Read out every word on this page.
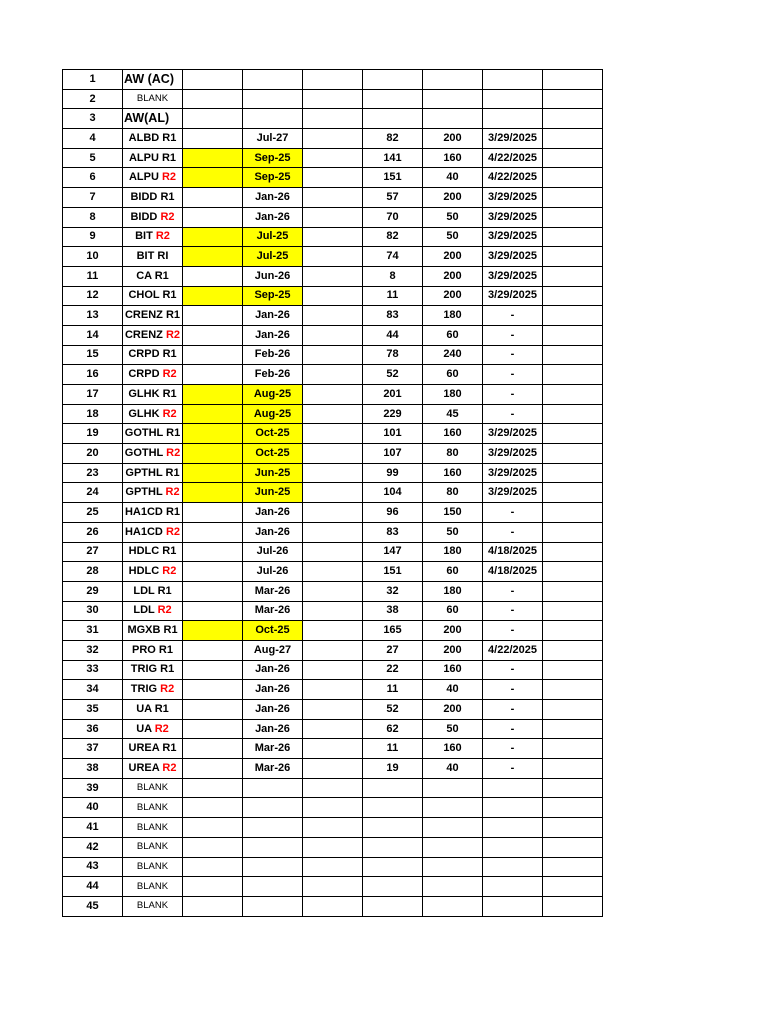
1	AW (AC)							
2	BLANK							
3	AW(AL)							
4	ALBD R1		Jul-27		82	200	3/29/2025	
5	ALPU R1		Sep-25		141	160	4/22/2025	
6	ALPU R2		Sep-25		151	40	4/22/2025	
7	BIDD R1		Jan-26		57	200	3/29/2025	
8	BIDD R2		Jan-26		70	50	3/29/2025	
9	BIT R2		Jul-25		82	50	3/29/2025	
10	BIT RI		Jul-25		74	200	3/29/2025	
11	CA R1		Jun-26		8	200	3/29/2025	
12	CHOL R1		Sep-25		11	200	3/29/2025	
13	CRENZ R1		Jan-26		83	180	-	
14	CRENZ R2		Jan-26		44	60	-	
15	CRPD R1		Feb-26		78	240	-	
16	CRPD R2		Feb-26		52	60	-	
17	GLHK R1		Aug-25		201	180	-	
18	GLHK R2		Aug-25		229	45	-	
19	GOTHL R1		Oct-25		101	160	3/29/2025	
20	GOTHL R2		Oct-25		107	80	3/29/2025	
23	GPTHL R1		Jun-25		99	160	3/29/2025	
24	GPTHL R2		Jun-25		104	80	3/29/2025	
25	HA1CD R1		Jan-26		96	150	-	
26	HA1CD R2		Jan-26		83	50	-	
27	HDLC R1		Jul-26		147	180	4/18/2025	
28	HDLC R2		Jul-26		151	60	4/18/2025	
29	LDL R1		Mar-26		32	180	-	
30	LDL R2		Mar-26		38	60	-	
31	MGXB R1		Oct-25		165	200	-	
32	PRO R1		Aug-27		27	200	4/22/2025	
33	TRIG R1		Jan-26		22	160	-	
34	TRIG R2		Jan-26		11	40	-	
35	UA R1		Jan-26		52	200	-	
36	UA R2		Jan-26		62	50	-	
37	UREA R1		Mar-26		11	160	-	
38	UREA R2		Mar-26		19	40	-	
39	BLANK							
40	BLANK							
41	BLANK							
42	BLANK							
43	BLANK							
44	BLANK							
45	BLANK							
